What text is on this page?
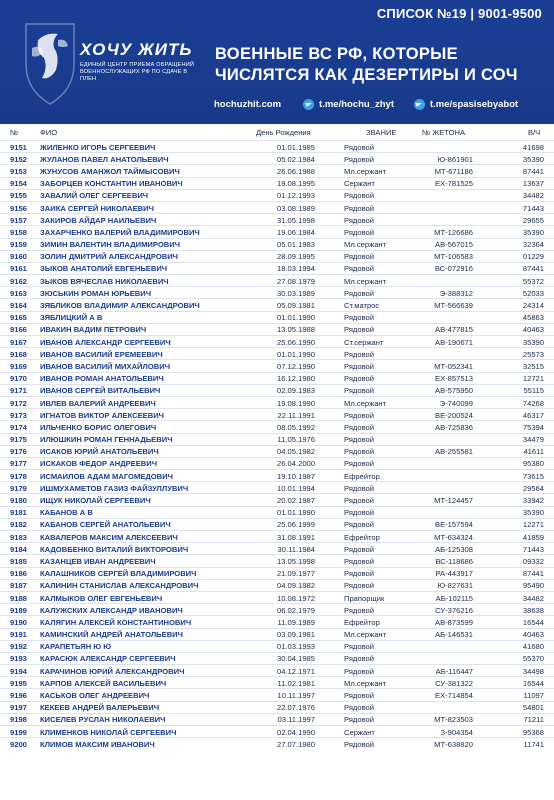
СПИСОК №19 | 9001-9500
ХОЧУ ЖИТЬ
ЕДИНЫЙ ЦЕНТР ПРИЕМА ОБРАЩЕНИЙ ВОЕННОСЛУЖАЩИХ РФ ПО СДАЧЕ В ПЛЕН
ВОЕННЫЕ ВС РФ, КОТОРЫЕ
ЧИСЛЯТСЯ КАК ДЕЗЕРТИРЫ И СОЧ
hochuzhit.com	t.me/hochu_zhyt	t.me/spasisebyabot
№	ФИО	День Рождения	ЗВАНИЕ	№ ЖЕТОНА	В/Ч
9151 ЖИЛЕНКО ИГОРЬ СЕРГЕЕВИЧ	01.01.1985	Рядовой	41698
9152 ЖУЛАНОВ ПАВЕЛ АНАТОЛЬЕВИЧ	05.02.1984	Рядовой	Ю-861901	35390
9153 ЖУНУСОВ АМАНЖОЛ ТАЙМЫСОВИЧ	26.06.1988	Мл.сержант	МТ-671186	87441
9154 ЗАБОРЦЕВ КОНСТАНТИН ИВАНОВИЧ	19.08.1995	Сержант	ЕХ-781525	13637
9155 ЗАВАЛИЙ ОЛЕГ СЕРГЕЕВИЧ	01.12.1993	Рядовой	34482
9156 ЗАИКА СЕРГЕЙ НИКОЛАЕВИЧ	03.08.1989	Рядовой	71443
9157 ЗАКИРОВ АЙДАР НАИЛЬЕВИЧ	31.05.1998	Рядовой	29655
9158 ЗАХАРЧЕНКО ВАЛЕРИЙ ВЛАДИМИРОВИЧ	19.06.1984	Рядовой	МТ-126686	35390
9159 ЗИМИН ВАЛЕНТИН ВЛАДИМИРОВИЧ	05.01.1983	Мл.сержант	АВ-567015	32364
9160 ЗОЛИН ДМИТРИЙ АЛЕКСАНДРОВИЧ	28.09.1995	Рядовой	МТ-106583	01229
9161 ЗЫКОВ АНАТОЛИЙ ЕВГЕНЬЕВИЧ	18.03.1994	Рядовой	ВС-072916	87441
9162 ЗЫКОВ ВЯЧЕСЛАВ НИКОЛАЕВИЧ	27.08.1979	Мл.сержант	55372
9163 ЗЮСЬКИН РОМАН ЮРЬЕВИЧ	30.03.1989	Рядовой	Э-388312	52033
9164 ЗЯБЛИКОВ ВЛАДИМИР АЛЕКСАНДРОВИЧ	05.09.1981	Ст.матрос	МТ-566639	24314
9165 ЗЯБЛИЦКИЙ А В	01.01.1990	Рядовой	45863
9166 ИВАКИН ВАДИМ ПЕТРОВИЧ	13.05.1988	Рядовой	АВ-477815	40463
9167 ИВАНОВ АЛЕКСАНДР СЕРГЕЕВИЧ	25.06.1990	Ст.сержант	АВ-190671	35390
9168 ИВАНОВ ВАСИЛИЙ ЕРЕМЕЕВИЧ	01.01.1990	Рядовой	25573
9169 ИВАНОВ ВАСИЛИЙ МИХАЙЛОВИЧ	07.12.1990	Рядовой	МТ-052341	32515
9170 ИВАНОВ РОМАН АНАТОЛЬЕВИЧ	16.12.1980	Рядовой	ЕХ-857513	12721
9171 ИВАНОВ СЕРГЕЙ ВИТАЛЬЕВИЧ	02.09.1983	Рядовой	АВ-575950	55115
9172 ИВЛЕВ ВАЛЕРИЙ АНДРЕЕВИЧ	19.08.1990	Мл.сержант	Э-740099	74268
9173 ИГНАТОВ ВИКТОР АЛЕКСЕЕВИЧ	22.11.1991	Рядовой	ВЕ-200524	46317
9174 ИЛЬЧЕНКО БОРИС ОЛЕГОВИЧ	08.05.1992	Рядовой	АВ-725836	75394
9175 ИЛЮШКИН РОМАН ГЕННАДЬЕВИЧ	11.05.1976	Рядовой	34479
9176 ИСАКОВ ЮРИЙ АНАТОЛЬЕВИЧ	04.05.1982	Рядовой	АВ-255581	41611
9177 ИСКАКОВ ФЕДОР АНДРЕЕВИЧ	26.04.2000	Рядовой	95380
9178 ИСМАИЛОВ АДАМ МАГОМЕДОВИЧ	19.10.1987	Ефрейтор	73615
9179 ИШМУХАМЕТОВ ГАЗИЗ ФАЙЗУЛЛУВИЧ	10.01.1994	Рядовой	29564
9180 ИЩУК НИКОЛАЙ СЕРГЕЕВИЧ	20.02.1987	Рядовой	МТ-124457	33942
9181 КАБАНОВ А В	01.01.1990	Рядовой	35390
9182 КАБАНОВ СЕРГЕЙ АНАТОЛЬЕВИЧ	25.06.1999	Рядовой	ВЕ-157594	12271
9183 КАВАЛЕРОВ МАКСИМ АЛЕКСЕЕВИЧ	31.08.1991	Ефрейтор	МТ-634324	41859
9184 КАДОВБЕНКО ВИТАЛИЙ ВИКТОРОВИЧ	30.11.1984	Рядовой	АБ-125308	71443
9185 КАЗАНЦЕВ ИВАН АНДРЕЕВИЧ	13.05.1998	Рядовой	ВС-118686	09332
9186 КАЛАШНИКОВ СЕРГЕЙ ВЛАДИМИРОВИЧ	21.09.1977	Рядовой	РА-443917	87441
9187 КАЛИНИН СТАНИСЛАВ АЛЕКСАНДРОВИЧ	04.09.1982	Рядовой	Ю-827631	95490
9188 КАЛМЫКОВ ОЛЕГ ЕВГЕНЬЕВИЧ	10.08.1972	Прапорщик	АБ-102115	34482
9189 КАЛУЖСКИХ АЛЕКСАНДР ИВАНОВИЧ	06.02.1979	Рядовой	СУ-376216	38638
9190 КАЛЯГИН АЛЕКСЕЙ КОНСТАНТИНОВИЧ	11.09.1989	Ефрейтор	АВ-873599	16544
9191 КАМИНСКИЙ АНДРЕЙ АНАТОЛЬЕВИЧ	03.09.1981	Мл.сержант	АБ-146531	40463
9192 КАРАПЕТЬЯН Ю Ю	01.03.1993	Рядовой	41680
9193 КАРАСЮК АЛЕКСАНДР СЕРГЕЕВИЧ	30.04.1985	Рядовой	55370
9194 КАРАЧИНОВ ЮРИЙ АЛЕКСАНДРОВИЧ	04.12.1971	Рядовой	АБ-116447	34498
9195 КАРПОВ АЛЕКСЕЙ ВАСИЛЬЕВИЧ	11.02.1981	Мл.сержант	СУ-381322	16544
9196 КАСЬКОВ ОЛЕГ АНДРЕЕВИЧ	10.11.1997	Рядовой	ЕХ-714854	11097
9197 КЕКЕЕВ АНДРЕЙ ВАЛЕРЬЕВИЧ	22.07.1976	Рядовой	54801
9198 КИСЕЛЕВ РУСЛАН НИКОЛАЕВИЧ	03.11.1997	Рядовой	МТ-823503	71211
9199 КЛИМЕНКОВ НИКОЛАЙ СЕРГЕЕВИЧ	02.04.1990	Сержант	З-904354	95368
9200 КЛИМОВ МАКСИМ ИВАНОВИЧ	27.07.1980	Рядовой	МТ-638820	11741
